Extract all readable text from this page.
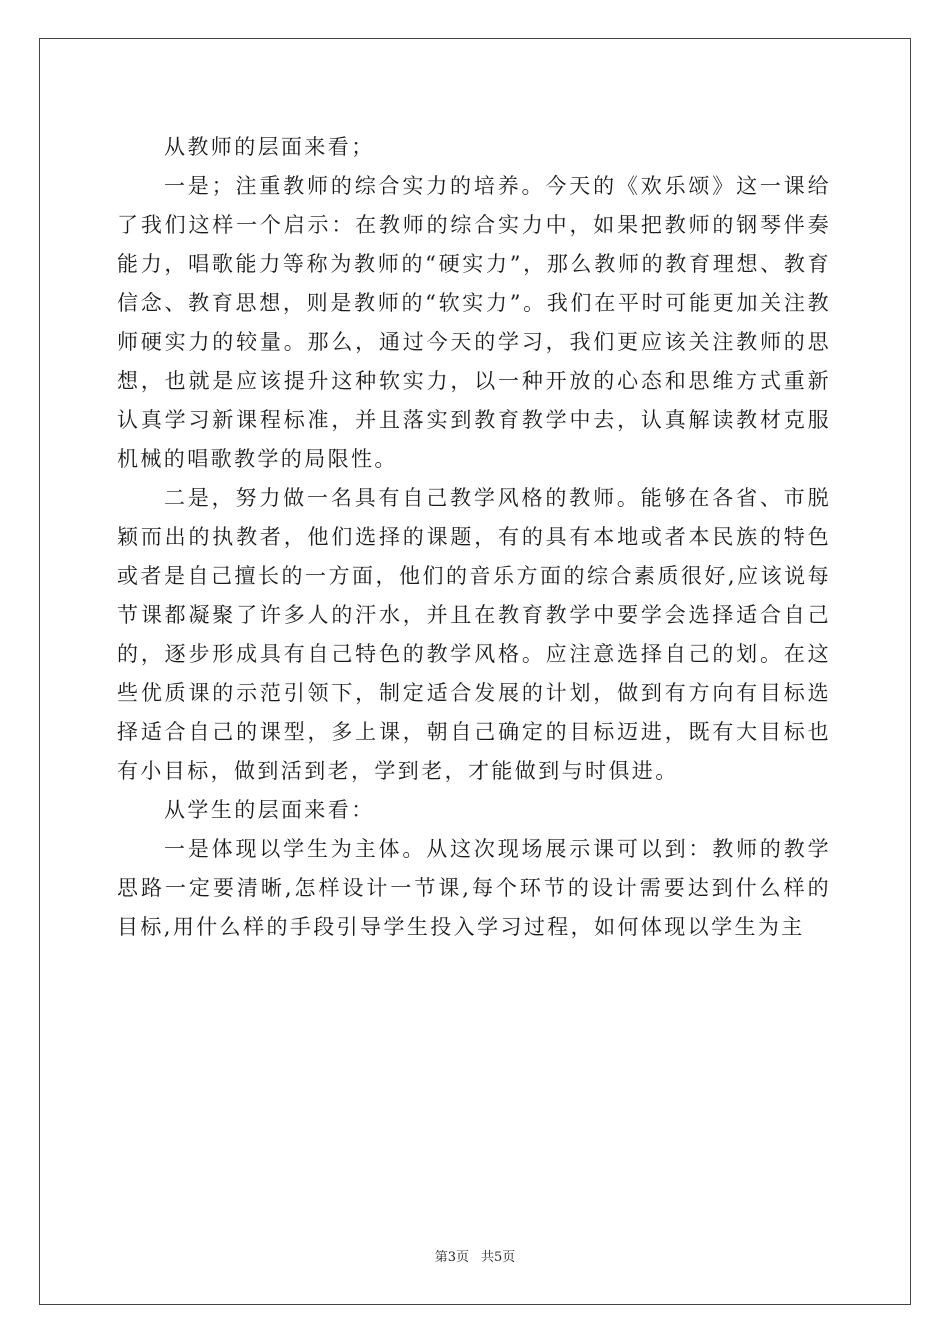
从教师的层面来看；

一是；注重教师的综合实力的培养。今天的《欢乐颂》这一课给了我们这样一个启示：在教师的综合实力中，如果把教师的钢琴伴奏能力，唱歌能力等称为教师的“硬实力”，那么教师的教育理想、教育信念、教育思想，则是教师的“软实力”。我们在平时可能更加关注教师硬实力的较量。那么，通过今天的学习，我们更应该关注教师的思想，也就是应该提升这种软实力，以一种开放的心态和思维方式重新认真学习新课程标准，并且落实到教育教学中去，认真解读教材克服机械的唱歌教学的局限性。

二是，努力做一名具有自己教学风格的教师。能够在各省、市脱颖而出的执教者，他们选择的课题，有的具有本地或者本民族的特色或者是自己擅长的一方面，他们的音乐方面的综合素质很好,应该说每节课都凝聚了许多人的汗水，并且在教育教学中要学会选择适合自己的，逐步形成具有自己特色的教学风格。应注意选择自己的划。在这些优质课的示范引领下，制定适合发展的计划，做到有方向有目标选择适合自己的课型，多上课，朝自己确定的目标迈进，既有大目标也有小目标，做到活到老，学到老，才能做到与时俱进。

从学生的层面来看：

一是体现以学生为主体。从这次现场展示课可以到：教师的教学思路一定要清晰,怎样设计一节课,每个环节的设计需要达到什么样的目标,用什么样的手段引导学生投入学习过程，如何体现以学生为主

第3页 共5页
